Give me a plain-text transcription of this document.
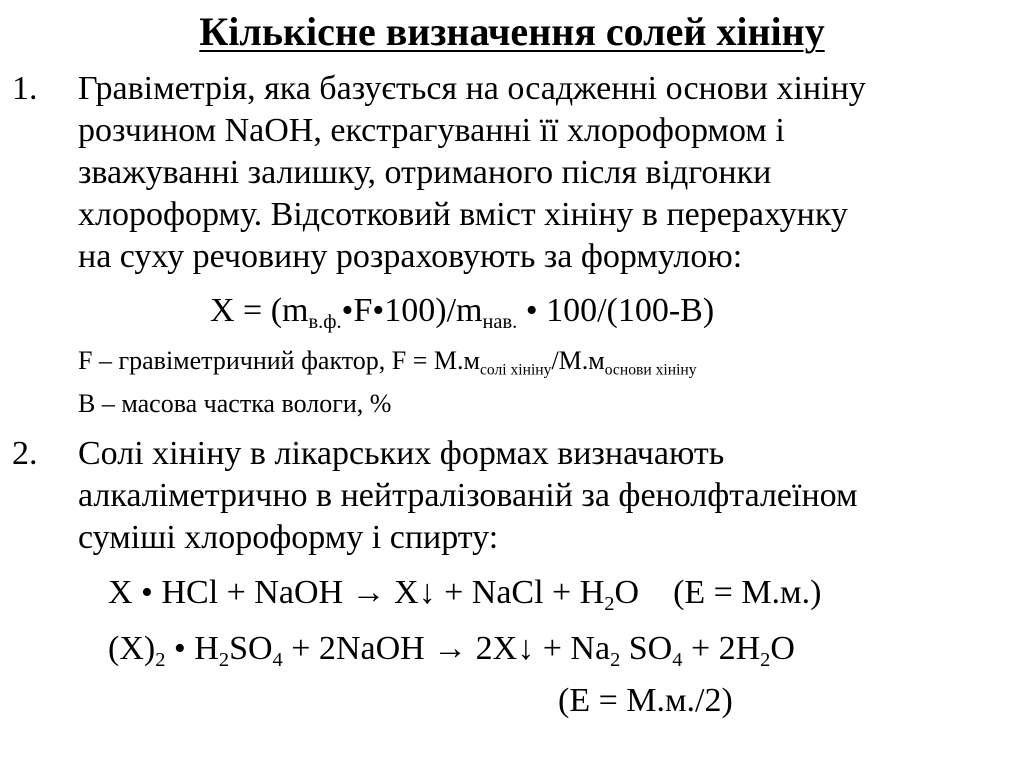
Кількісне визначення солей хініну
1. Гравіметрія, яка базується на осадженні основи хініну
розчином NaOH, екстрагуванні її хлороформом і
зважуванні залишку, отриманого після відгонки
хлороформу. Відсотковий вміст хініну в перерахунку
на суху речовину розраховують за формулою:
$X = (m_{в.ф.}•F•100)/m_{нав.}$ • 100/(100-B)
F – гравіметричний фактор, $F = М.м_{солі хініну}/М.м_{основи хініну}$
B – масова частка вологи, %
2. Солі хініну в лікарських формах визначають
алкаліметрично в нейтралізованій за фенолфталеїном
суміші хлороформу і спирту:
X • HCl + NaOH → X↓ + NaCl + $H_2O$ (E = М.м.)
$(X)_2$ • $H_2SO_4$ + 2NaOH → 2X↓ + $Na_2$ $SO_4 + 2H_2O$
(E = М.м./2)
